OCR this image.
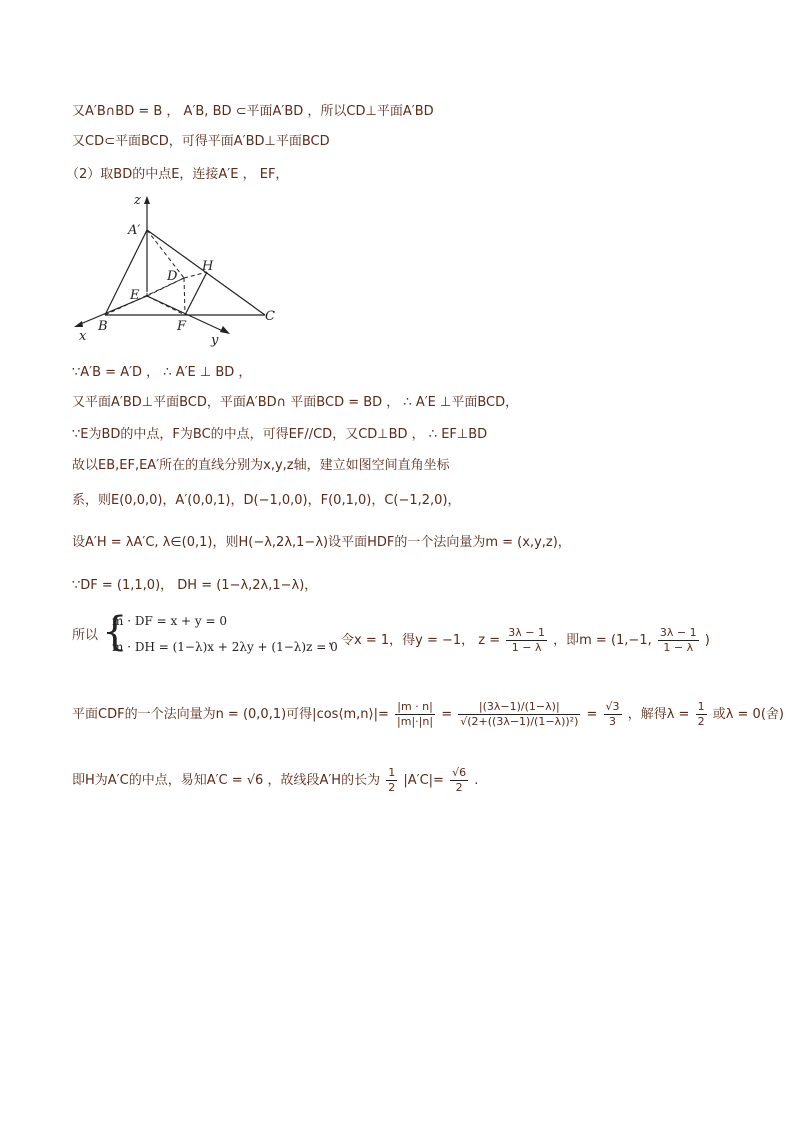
又A′B∩BD = B ， A′B, BD ⊂平面A′BD ，所以CD⊥平面A′BD
又CD⊂平面BCD，可得平面A′BD⊥平面BCD
（2）取BD的中点E，连接A′E ， EF，
z
A′
H
D
E
B	F
C
x	y
∵A′B = A′D ， ∴ A′E ⊥ BD ，
又平面A′BD⊥平面BCD，平面A′BD∩ 平面BCD = BD ， ∴ A′E ⊥平面BCD，
∵E为BD的中点，F为BC的中点，可得EF//CD，又CD⊥BD ， ∴ EF⊥BD
故以EB,EF,EA′所在的直线分别为x,y,z轴，建立如图空间直角坐标
系，则E(0,0,0)，A′(0,0,1)，D(−1,0,0)，F(0,1,0)，C(−1,2,0)，
设A′H = λA′C, λ∈(0,1)，则H(−λ,2λ,1−λ)设平面HDF的一个法向量为m = (x,y,z)，
∵DF = (1,1,0)， DH = (1−λ,2λ,1−λ)，
所以 {
m · DF = x + y = 0
m · DH = (1−λ)x + 2λy + (1−λ)z = 0
，令x = 1，得y = −1， $z = \frac{3\lambda - 1}{1 - \lambda}$ ，即m = (1,−1, $\frac{3\lambda - 1}{1 - \lambda}$ )
平面CDF的一个法向量为n = (0,0,1)可得|cos⟨m,n⟩|= $\frac{|m \cdot n|}{|m|\cdot|n|} = \frac{|(3\lambda-1)/(1-\lambda)|}{\text{√(2+((3λ−1)/(1−λ))²)}} = \frac{√3}{3}$ ，解得$\lambda = \frac{1}{2}$ 或λ = 0(舍)
即H为A′C的中点，易知A′C = √6 ，故线段A′H的长为 $\frac{1}{2} |A'C|= \frac{√6}{2}$ .
